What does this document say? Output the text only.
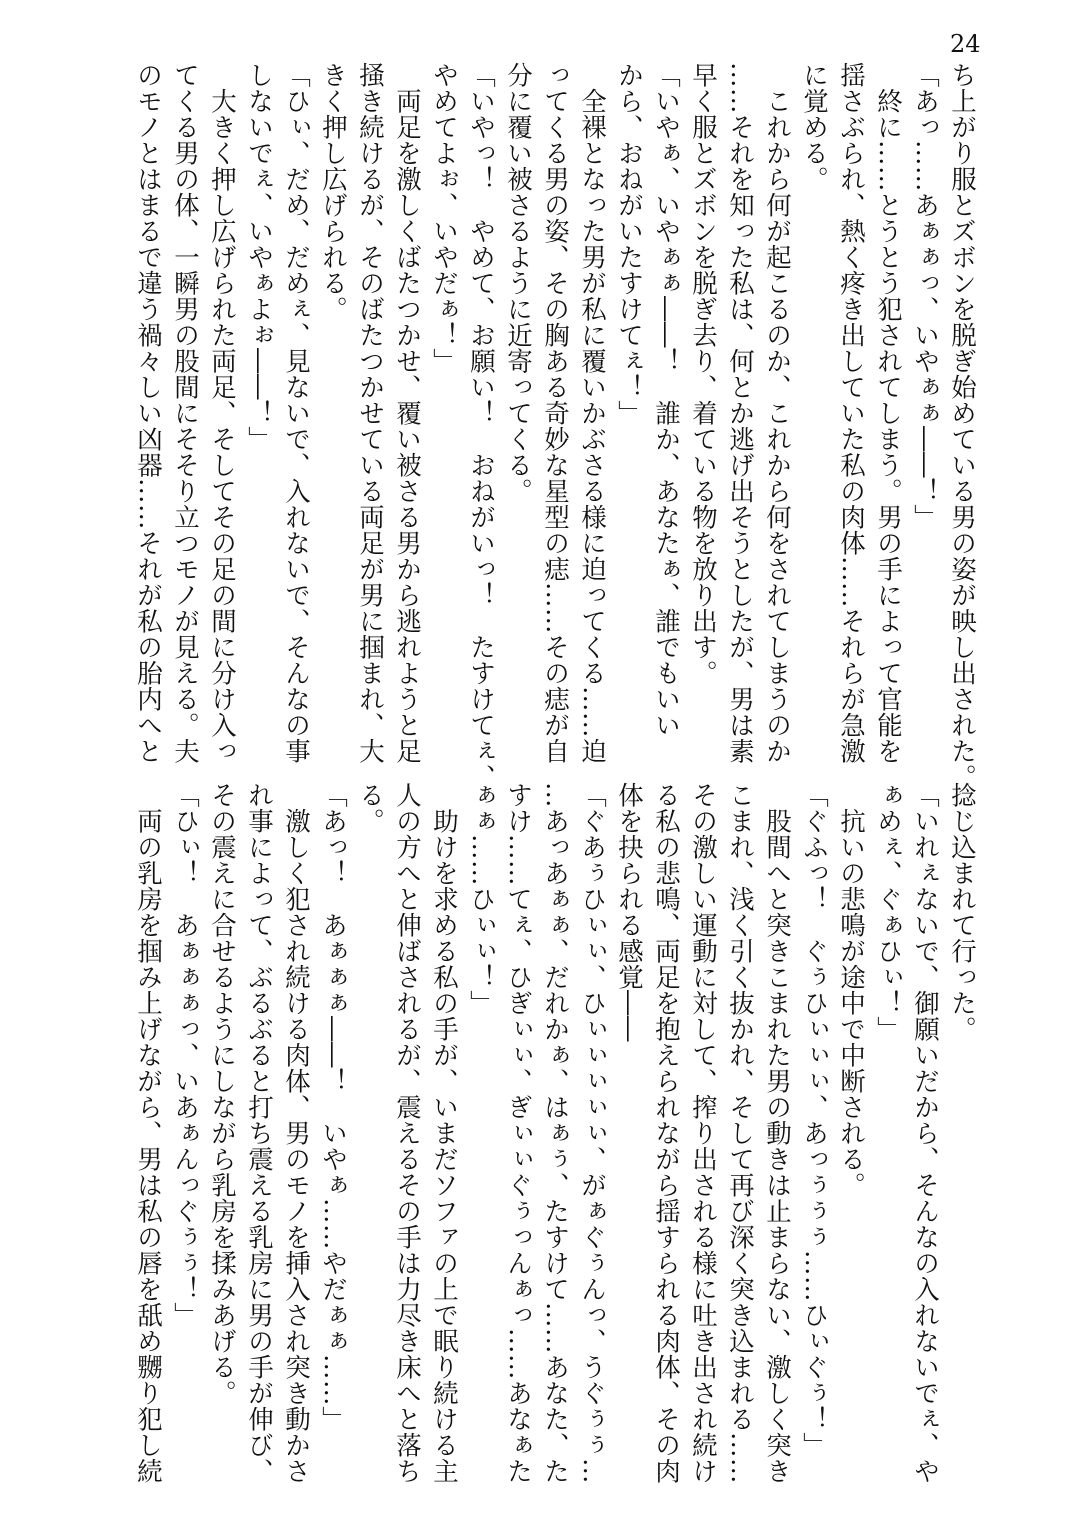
24
ち上がり服とズボンを脱ぎ始めている男の姿が映し出された。
「あっ……あぁぁっ、いやぁぁ――！」
　終に……とうとう犯されてしまう。男の手によって官能を
揺さぶられ、熱く疼き出していた私の肉体……それらが急激
に覚める。
　これから何が起こるのか、これから何をされてしまうのか
……それを知った私は、何とか逃げ出そうとしたが、男は素
早く服とズボンを脱ぎ去り、着ている物を放り出す。
「いやぁ、いやぁぁ――！　誰か、あなたぁ、誰でもいい
から、おねがいたすけてぇ！」
　全裸となった男が私に覆いかぶさる様に迫ってくる……迫
ってくる男の姿、その胸ある奇妙な星型の痣……その痣が自
分に覆い被さるように近寄ってくる。
「いやっ！　やめて、お願い！　おねがいっ！　たすけてぇ、
やめてよぉ、いやだぁ！」
　両足を激しくばたつかせ、覆い被さる男から逃れようと足
掻き続けるが、そのばたつかせている両足が男に掴まれ、大
きく押し広げられる。
「ひぃ、だめ、だめぇ、見ないで、入れないで、そんなの事
しないでぇ、いやぁよぉ――！」
　大きく押し広げられた両足、そしてその足の間に分け入っ
てくる男の体、一瞬男の股間にそそり立つモノが見える。夫
のモノとはまるで違う禍々しい凶器……それが私の胎内へと
捻じ込まれて行った。
「いれぇないで、御願いだから、そんなの入れないでぇ、や
ぁめぇ、ぐぁひぃ！」
　抗いの悲鳴が途中で中断される。
「ぐふっ！　ぐぅひぃぃぃ、あっぅぅぅ……ひぃぐぅ！」
　股間へと突きこまれた男の動きは止まらない、激しく突き
こまれ、浅く引く抜かれ、そして再び深く突き込まれる……
その激しい運動に対して、搾り出される様に吐き出され続け
る私の悲鳴、両足を抱えられながら揺すられる肉体、その肉
体を抉られる感覚――
「ぐあぅひぃぃ、ひぃぃぃぃぃ、がぁぐぅんっ、うぐぅぅ…
…あっあぁぁ、だれかぁ、はぁぅ、たすけて……あなた、た
すけ……てぇ、ひぎぃぃ、ぎぃぃぐぅっんぁっ……あなぁた
ぁぁ……ひぃぃ！」
　助けを求める私の手が、いまだソファの上で眠り続ける主
人の方へと伸ばされるが、震えるその手は力尽き床へと落ち
る。
「あっ！　あぁぁぁ――！　いやぁ……やだぁぁ……」
　激しく犯され続ける肉体、男のモノを挿入され突き動かさ
れ事によって、ぶるぶると打ち震える乳房に男の手が伸び、
その震えに合せるようにしながら乳房を揉みあげる。
「ひぃ！　あぁぁぁっ、いあぁんっぐぅぅ！」
　両の乳房を掴み上げながら、男は私の唇を舐め嬲り犯し続
